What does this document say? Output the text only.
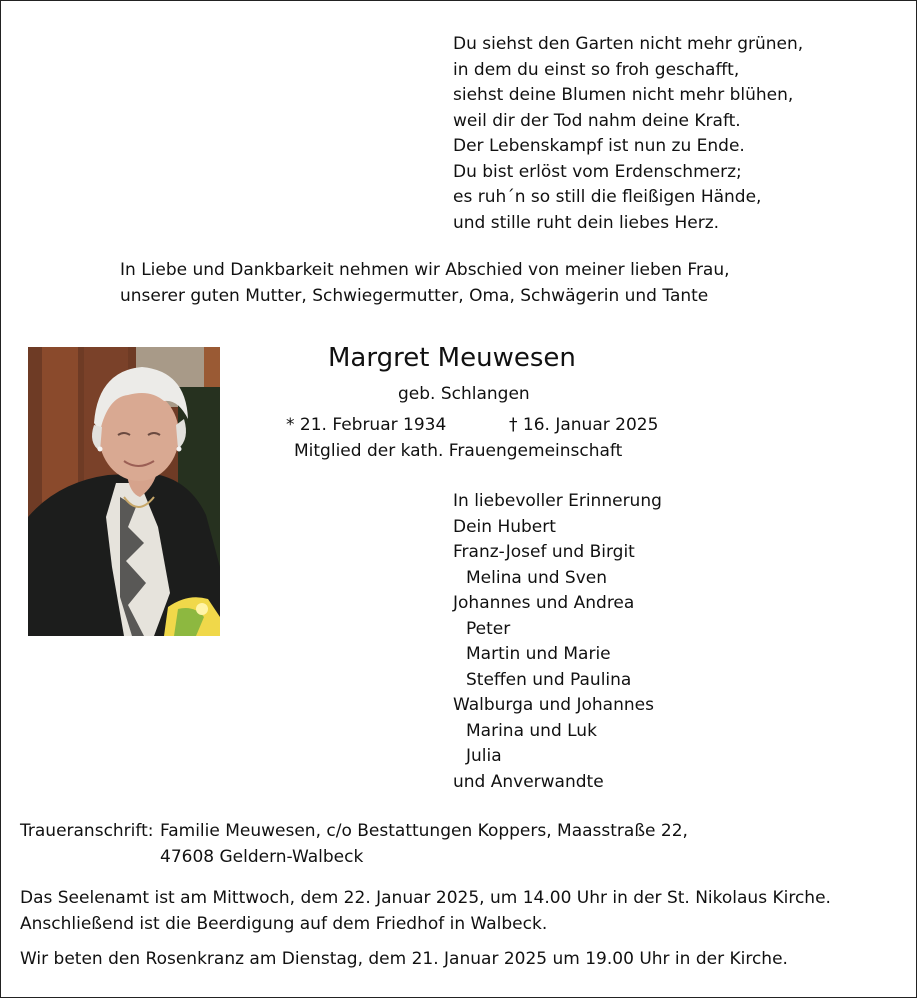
Du siehst den Garten nicht mehr grünen,
in dem du einst so froh geschafft,
siehst deine Blumen nicht mehr blühen,
weil dir der Tod nahm deine Kraft.
Der Lebenskampf ist nun zu Ende.
Du bist erlöst vom Erdenschmerz;
es ruh´n so still die fleißigen Hände,
und stille ruht dein liebes Herz.
In Liebe und Dankbarkeit nehmen wir Abschied von meiner lieben Frau,
unserer guten Mutter, Schwiegermutter, Oma, Schwägerin und Tante
Margret Meuwesen
geb. Schlangen
* 21. Februar 1934	† 16. Januar 2025
Mitglied der kath. Frauengemeinschaft
In liebevoller Erinnerung
Dein Hubert
Franz-Josef und Birgit
Melina und Sven
Johannes und Andrea
Peter
Martin und Marie
Steffen und Paulina
Walburga und Johannes
Marina und Luk
Julia
und Anverwandte
Traueranschrift: Familie Meuwesen, c/o Bestattungen Koppers, Maasstraße 22,
47608 Geldern-Walbeck
Das Seelenamt ist am Mittwoch, dem 22. Januar 2025, um 14.00 Uhr in der St. Nikolaus Kirche.
Anschließend ist die Beerdigung auf dem Friedhof in Walbeck.
Wir beten den Rosenkranz am Dienstag, dem 21. Januar 2025 um 19.00 Uhr in der Kirche.
